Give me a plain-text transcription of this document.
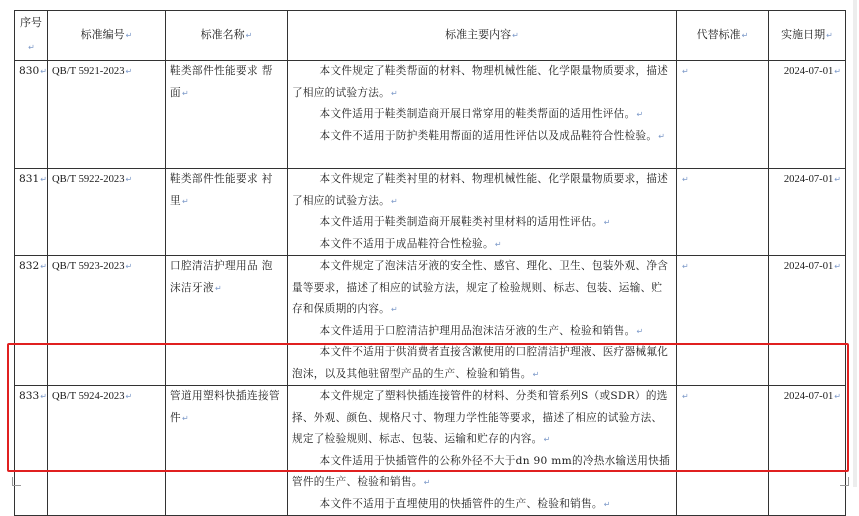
序号↵	标准编号↵	标准名称↵	标准主要内容↵	代替标准↵	实施日期↵
830↵	QB/T 5921-2023↵	鞋类部件性能要求 帮面↵	本文件规定了鞋类帮面的材料、物理机械性能、化学限量物质要求，描述了相应的试验方法。↵

本文件适用于鞋类制造商开展日常穿用的鞋类帮面的适用性评估。↵

本文件不适用于防护类鞋用帮面的适用性评估以及成品鞋符合性检验。↵	↵	2024-07-01↵
831↵	QB/T 5922-2023↵	鞋类部件性能要求 衬里↵	本文件规定了鞋类衬里的材料、物理机械性能、化学限量物质要求，描述了相应的试验方法。↵

本文件适用于鞋类制造商开展鞋类衬里材料的适用性评估。↵

本文件不适用于成品鞋符合性检验。↵	↵	2024-07-01↵
832↵	QB/T 5923-2023↵	口腔清洁护理用品 泡沫洁牙液↵	本文件规定了泡沫洁牙液的安全性、感官、理化、卫生、包装外观、净含量等要求，描述了相应的试验方法，规定了检验规则、标志、包装、运输、贮存和保质期的内容。↵

本文件适用于口腔清洁护理用品泡沫洁牙液的生产、检验和销售。↵

本文件不适用于供消费者直接含漱使用的口腔清洁护理液、医疗器械氟化泡沫，以及其他驻留型产品的生产、检验和销售。↵	↵	2024-07-01↵
833↵	QB/T 5924-2023↵	管道用塑料快插连接管件↵	本文件规定了塑料快插连接管件的材料、分类和管系列S（或SDR）的选择、外观、颜色、规格尺寸、物理力学性能等要求，描述了相应的试验方法、规定了检验规则、标志、包装、运输和贮存的内容。↵

本文件适用于快插管件的公称外径不大于dn 90 mm的冷热水输送用快插管件的生产、检验和销售。↵

本文件不适用于直埋使用的快插管件的生产、检验和销售。↵	↵	2024-07-01↵
